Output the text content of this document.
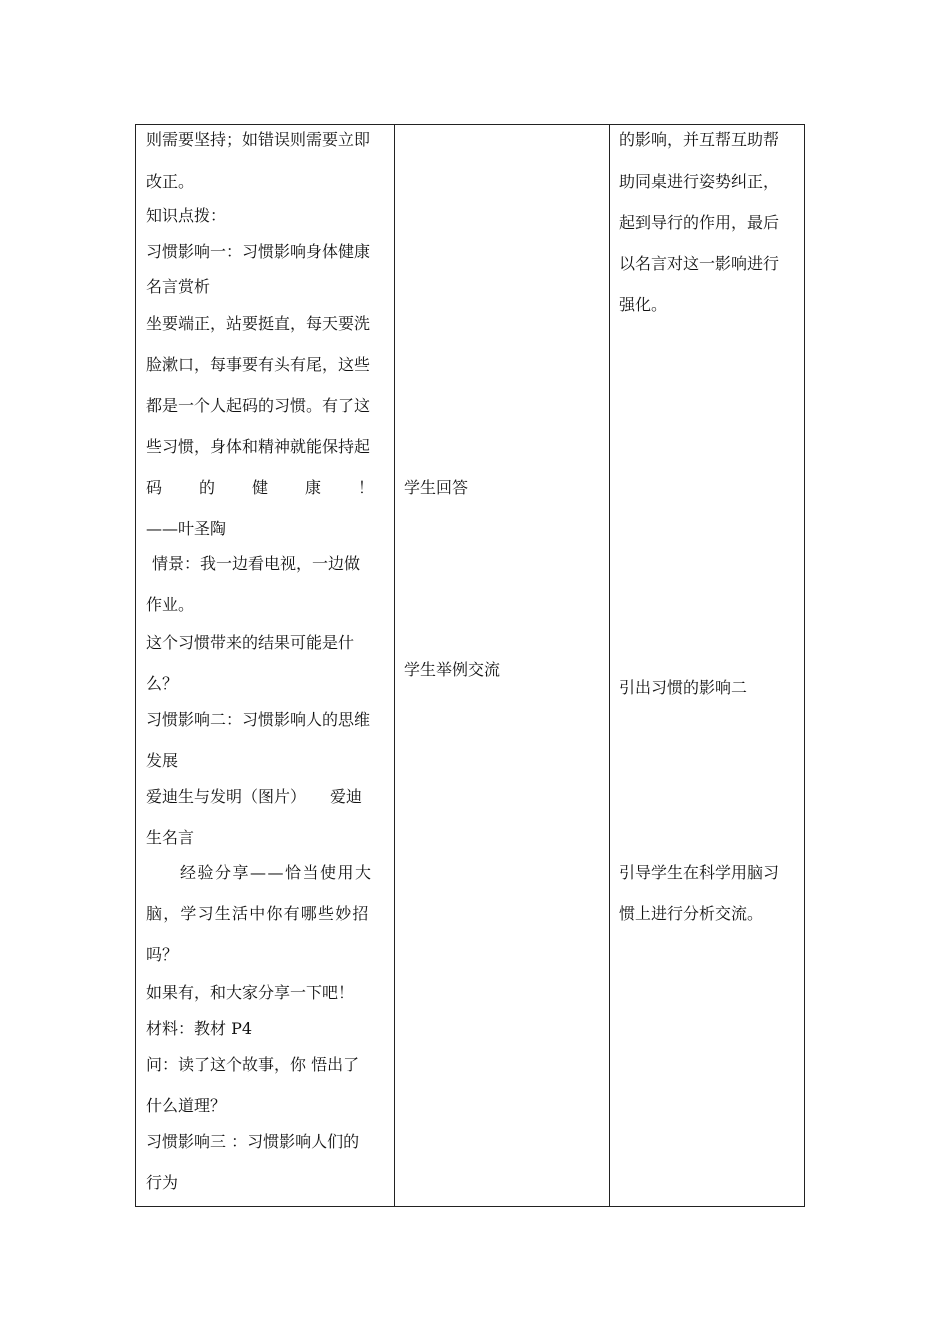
则需要坚持；如错误则需要立即
改正。
知识点拨：
习惯影响一：习惯影响身体健康
名言赏析
坐要端正，站要挺直，每天要洗
脸漱口，每事要有头有尾，这些
都是一个人起码的习惯。有了这
些习惯，身体和精神就能保持起
码 的 健 康 ！
——叶圣陶
情景：我一边看电视，一边做
作业。
这个习惯带来的结果可能是什
么？
习惯影响二：习惯影响人的思维
发展
爱迪生与发明（图片）　　爱迪
生名言
经验分享——恰当使用大
脑，学习生活中你有哪些妙招
吗？
如果有，和大家分享一下吧！
材料：教材 P4
问：读了这个故事，你 悟出了
什么道理？
习惯影响三 ：习惯影响人们的
行为
学生回答
学生举例交流
的影响，并互帮互助帮
助同桌进行姿势纠正，
起到导行的作用，最后
以名言对这一影响进行
强化。
引出习惯的影响二
引导学生在科学用脑习
惯上进行分析交流。
